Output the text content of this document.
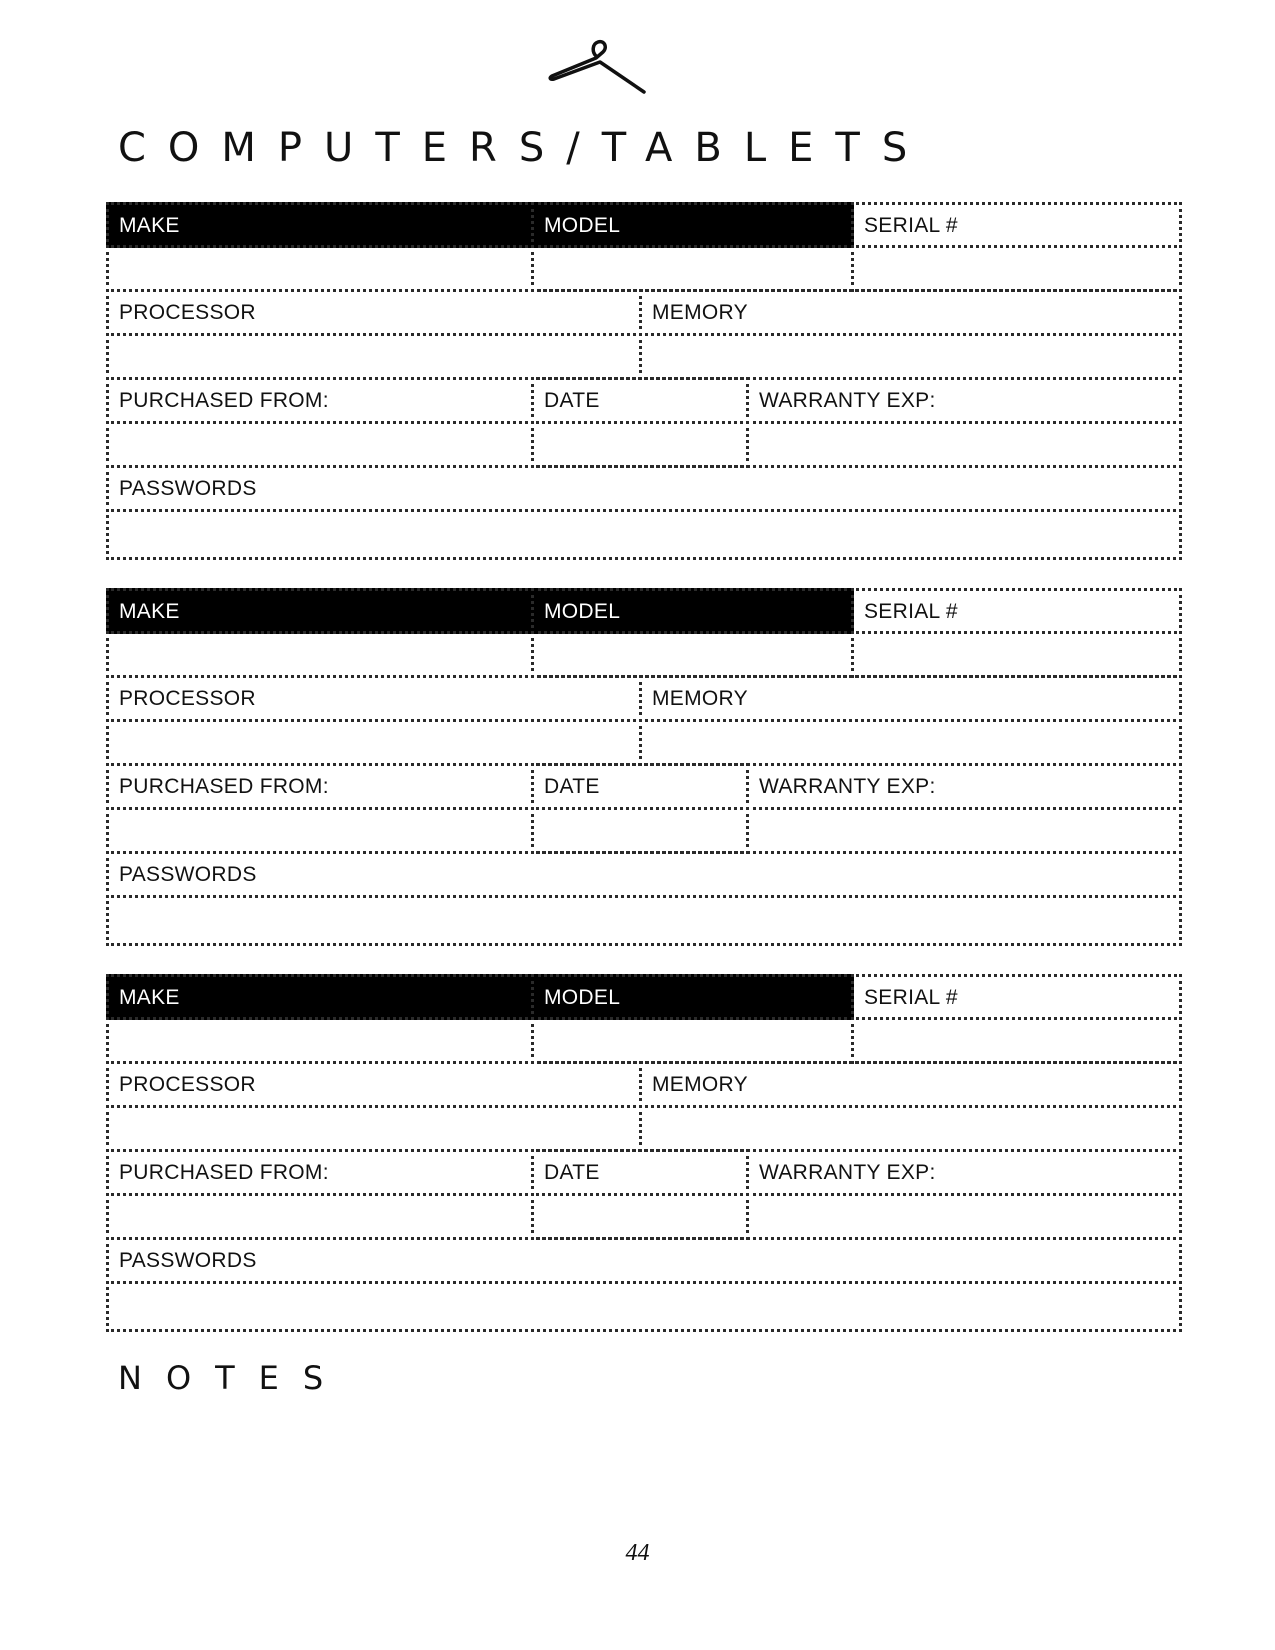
COMPUTERS/TABLETS
MAKE	MODEL	SERIAL #
PROCESSOR	MEMORY
PURCHASED FROM:	DATE	WARRANTY EXP:
PASSWORDS
MAKE	MODEL	SERIAL #
PROCESSOR	MEMORY
PURCHASED FROM:	DATE	WARRANTY EXP:
PASSWORDS
MAKE	MODEL	SERIAL #
PROCESSOR	MEMORY
PURCHASED FROM:	DATE	WARRANTY EXP:
PASSWORDS
NOTES
44
